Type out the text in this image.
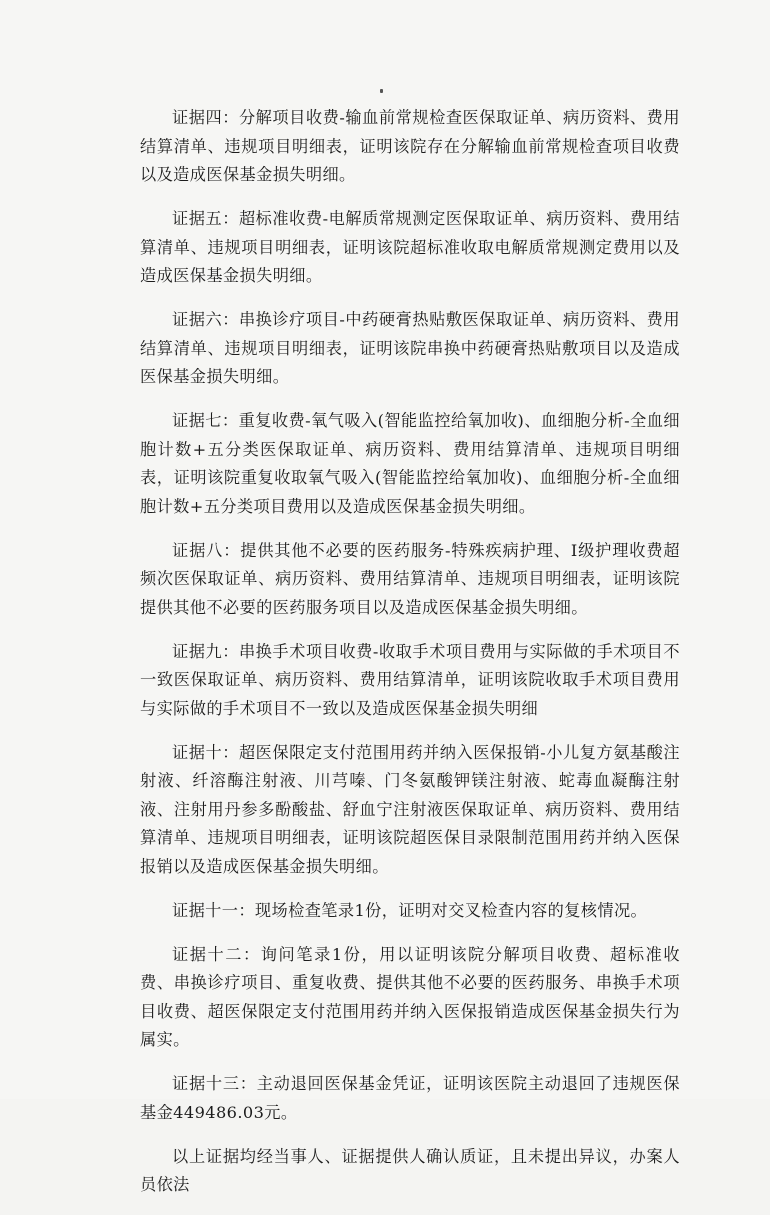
证据四：分解项目收费-输血前常规检查医保取证单、病历资料、费用结算清单、违规项目明细表，证明该院存在分解输血前常规检查项目收费以及造成医保基金损失明细。

证据五：超标准收费-电解质常规测定医保取证单、病历资料、费用结算清单、违规项目明细表，证明该院超标准收取电解质常规测定费用以及造成医保基金损失明细。

证据六：串换诊疗项目-中药硬膏热贴敷医保取证单、病历资料、费用结算清单、违规项目明细表，证明该院串换中药硬膏热贴敷项目以及造成医保基金损失明细。

证据七：重复收费-氧气吸入(智能监控给氧加收)、血细胞分析-全血细胞计数+五分类医保取证单、病历资料、费用结算清单、违规项目明细表，证明该院重复收取氧气吸入(智能监控给氧加收)、血细胞分析-全血细胞计数+五分类项目费用以及造成医保基金损失明细。

证据八：提供其他不必要的医药服务-特殊疾病护理、Ⅰ级护理收费超频次医保取证单、病历资料、费用结算清单、违规项目明细表，证明该院提供其他不必要的医药服务项目以及造成医保基金损失明细。

证据九：串换手术项目收费-收取手术项目费用与实际做的手术项目不一致医保取证单、病历资料、费用结算清单，证明该院收取手术项目费用与实际做的手术项目不一致以及造成医保基金损失明细

证据十：超医保限定支付范围用药并纳入医保报销-小儿复方氨基酸注射液、纤溶酶注射液、川芎嗪、门冬氨酸钾镁注射液、蛇毒血凝酶注射液、注射用丹参多酚酸盐、舒血宁注射液医保取证单、病历资料、费用结算清单、违规项目明细表，证明该院超医保目录限制范围用药并纳入医保报销以及造成医保基金损失明细。

证据十一：现场检查笔录1份，证明对交叉检查内容的复核情况。

证据十二：询问笔录1份，用以证明该院分解项目收费、超标准收费、串换诊疗项目、重复收费、提供其他不必要的医药服务、串换手术项目收费、超医保限定支付范围用药并纳入医保报销造成医保基金损失行为属实。

证据十三：主动退回医保基金凭证，证明该医院主动退回了违规医保基金449486.03元。

以上证据均经当事人、证据提供人确认质证，且未提出异议，办案人员依法
